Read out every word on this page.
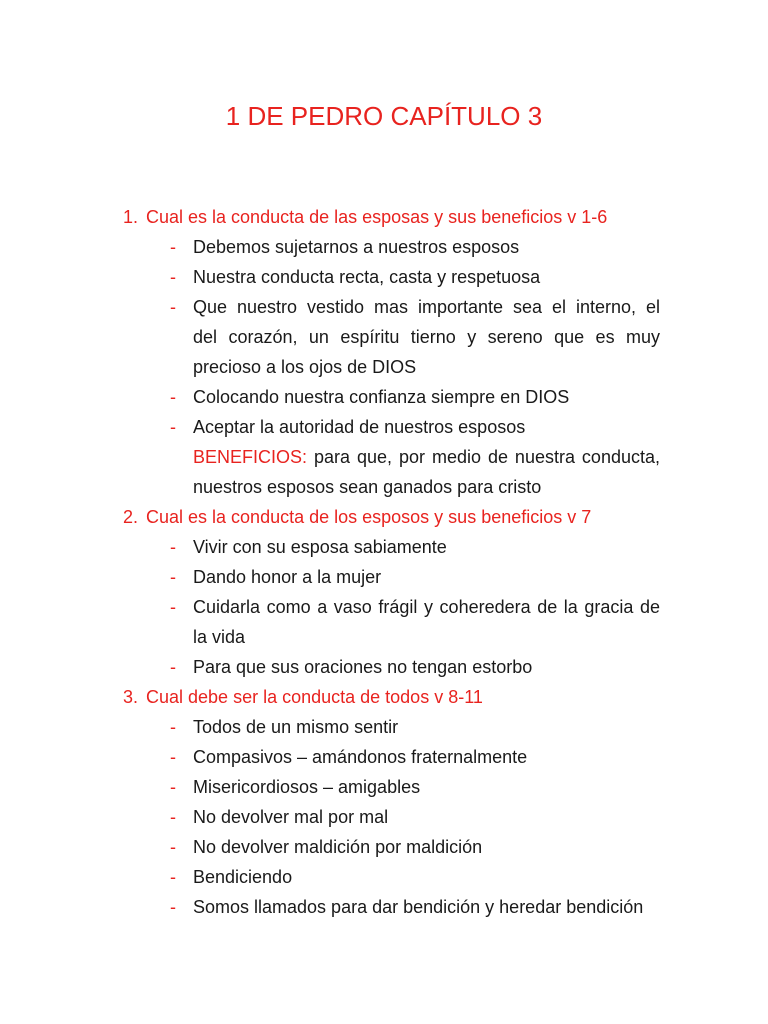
1 DE PEDRO CAPÍTULO 3
1. Cual es la conducta de las esposas y sus beneficios v 1-6
- Debemos sujetarnos a nuestros esposos
- Nuestra conducta recta, casta y respetuosa
- Que nuestro vestido mas importante sea el interno, el
del corazón, un espíritu tierno y sereno que es muy
precioso a los ojos de DIOS
- Colocando nuestra confianza siempre en DIOS
- Aceptar la autoridad de nuestros esposos
BENEFICIOS: para que, por medio de nuestra conducta,
nuestros esposos sean ganados para cristo
2. Cual es la conducta de los esposos y sus beneficios v 7
- Vivir con su esposa sabiamente
- Dando honor a la mujer
- Cuidarla como a vaso frágil y coheredera de la gracia de
la vida
- Para que sus oraciones no tengan estorbo
3. Cual debe ser la conducta de todos v 8-11
- Todos de un mismo sentir
- Compasivos – amándonos fraternalmente
- Misericordiosos – amigables
- No devolver mal por mal
- No devolver maldición por maldición
- Bendiciendo
- Somos llamados para dar bendición y heredar bendición
